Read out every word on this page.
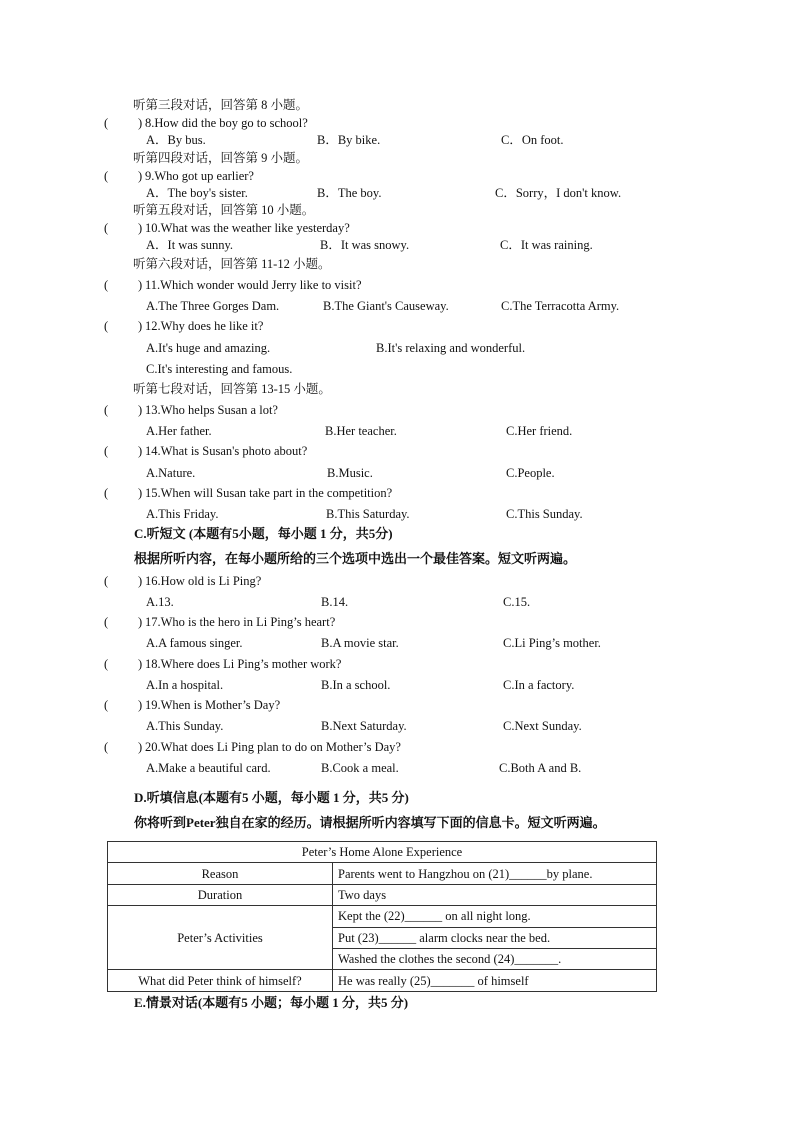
听第三段对话，回答第 8 小题。
( ) 8.How did the boy go to school?
A．By bus.	B．By bike.	C．On foot.
听第四段对话，回答第 9 小题。
( ) 9.Who got up earlier?
A．The boy's sister.	B．The boy.	C．Sorry，I don't know.
听第五段对话，回答第 10 小题。
( ) 10.What was the weather like yesterday?
A．It was sunny.	B．It was snowy.	C．It was raining.
听第六段对话，回答第 11-12 小题。
( ) 11.Which wonder would Jerry like to visit?
A.The Three Gorges Dam.	B.The Giant's Causeway.	C.The Terracotta Army.
( ) 12.Why does he like it?
A.It's huge and amazing.	B.It's relaxing and wonderful.
C.It's interesting and famous.
听第七段对话，回答第 13-15 小题。
( ) 13.Who helps Susan a lot?
A.Her father.	B.Her teacher.	C.Her friend.
( ) 14.What is Susan's photo about?
A.Nature.	B.Music.	C.People.
( ) 15.When will Susan take part in the competition?
A.This Friday.	B.This Saturday.	C.This Sunday.
C.听短文 (本题有5小题，每小题 1 分，共5分)
根据所听内容，在每小题所给的三个选项中选出一个最佳答案。短文听两遍。
( ) 16.How old is Li Ping?
A.13.	B.14.	C.15.
( ) 17.Who is the hero in Li Ping’s heart?
A.A famous singer.	B.A movie star.	C.Li Ping’s mother.
( ) 18.Where does Li Ping’s mother work?
A.In a hospital.	B.In a school.	C.In a factory.
( ) 19.When is Mother’s Day?
A.This Sunday.	B.Next Saturday.	C.Next Sunday.
( ) 20.What does Li Ping plan to do on Mother’s Day?
A.Make a beautiful card.	B.Cook a meal.	C.Both A and B.
D.听填信息(本题有5 小题，每小题 1 分，共5 分)
你将听到Peter独自在家的经历。请根据所听内容填写下面的信息卡。短文听两遍。
Peter’s Home Alone Experience	
Reason	Parents went to Hangzhou on (21)______by plane.
Duration	Two days
Peter’s Activities	Kept the (22)______ on all night long.
	Put (23)______ alarm clocks near the bed.
	Washed the clothes the second (24)_______.
What did Peter think of himself?	He was really (25)_______ of himself
E.情景对话(本题有5 小题；每小题 1 分，共5 分)
